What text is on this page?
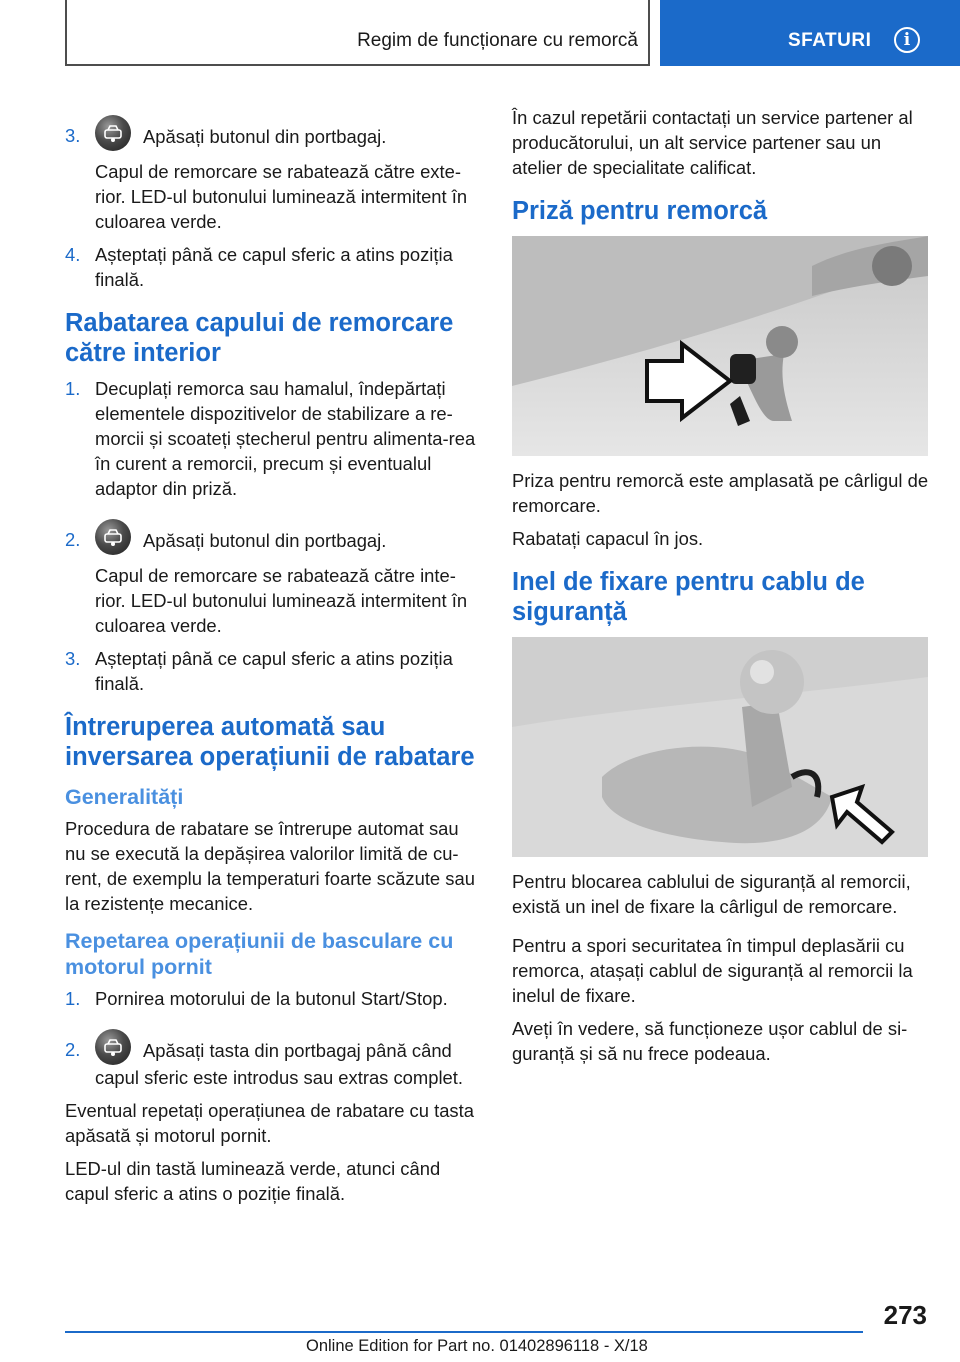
Regim de funcționare cu remorcă	SFATURI	i
3.	Apăsați butonul din portbagaj.
Capul de remorcare se rabatează către exte-rior. LED-ul butonului luminează intermitent în culoarea verde.
4. Așteptați până ce capul sferic a atins poziția finală.
Rabatarea capului de remorcare către interior
1. Decuplați remorca sau hamalul, îndepărtați elementele dispozitivelor de stabilizare a re-morcii și scoateți ștecherul pentru alimenta-rea în curent a remorcii, precum și eventualul adaptor din priză.
2.	Apăsați butonul din portbagaj.
Capul de remorcare se rabatează către inte-rior. LED-ul butonului luminează intermitent în culoarea verde.
3. Așteptați până ce capul sferic a atins poziția finală.
Întreruperea automată sau inversarea operațiunii de rabatare
Generalități

Procedura de rabatare se întrerupe automat sau nu se execută la depășirea valorilor limită de cu-rent, de exemplu la temperaturi foarte scăzute sau la rezistențe mecanice.

Repetarea operațiunii de basculare cu motorul pornit
1. Pornirea motorului de la butonul Start/Stop.
2.	Apăsați tasta din portbagaj până când capul sferic este introdus sau extras complet.

Eventual repetați operațiunea de rabatare cu tasta apăsată și motorul pornit.

LED-ul din tastă luminează verde, atunci când capul sferic a atins o poziție finală.

În cazul repetării contactați un service partener al producătorului, un alt service partener sau un atelier de specialitate calificat.

Priză pentru remorcă

Priza pentru remorcă este amplasată pe cârligul de remorcare.

Rabatați capacul în jos.

Inel de fixare pentru cablu de siguranță

Pentru blocarea cablului de siguranță al remorcii, există un inel de fixare la cârligul de remorcare.

Pentru a spori securitatea în timpul deplasării cu remorca, atașați cablul de siguranță al remorcii la inelul de fixare.

Aveți în vedere, să funcționeze ușor cablul de si-guranță și să nu frece podeaua.

273
Online Edition for Part no. 01402896118 - X/18
